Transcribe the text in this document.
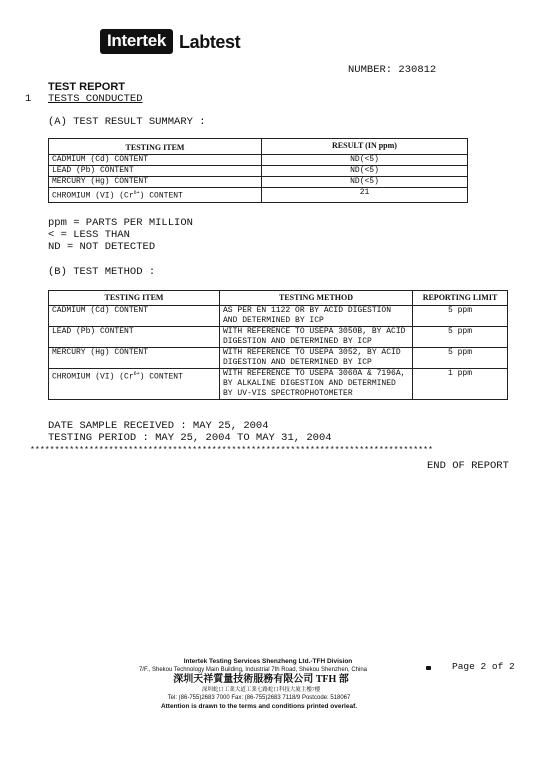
Intertek Labtest
NUMBER: 230812
TEST REPORT
1 TESTS CONDUCTED
(A) TEST RESULT SUMMARY :
TESTING ITEM	RESULT (IN ppm)
CADMIUM (Cd) CONTENT	ND(<5)
LEAD (Pb) CONTENT	ND(<5)
MERCURY (Hg) CONTENT	ND(<5)
CHROMIUM (VI) $(Cr^{6+})$ CONTENT	21
ppm = PARTS PER MILLION
< = LESS THAN
ND = NOT DETECTED
(B) TEST METHOD :
TESTING ITEM	TESTING METHOD	REPORTING LIMIT
CADMIUM (Cd) CONTENT	AS PER EN 1122 OR BY ACID DIGESTION
AND DETERMINED BY ICP	5 ppm
LEAD (Pb) CONTENT	WITH REFERENCE TO USEPA 3050B, BY ACID
DIGESTION AND DETERMINED BY ICP	5 ppm
MERCURY (Hg) CONTENT	WITH REFERENCE TO USEPA 3052, BY ACID
DIGESTION AND DETERMINED BY ICP	5 ppm
CHROMIUM (VI) $(Cr^{6+})$ CONTENT	WITH REFERENCE TO USEPA 3060A & 7196A,
BY ALKALINE DIGESTION AND DETERMINED
BY UV-VIS SPECTROPHOTOMETER	1 ppm
DATE SAMPLE RECEIVED : MAY 25, 2004
TESTING PERIOD : MAY 25, 2004 TO MAY 31, 2004
**********************************************************************************
END OF REPORT
Intertek Testing Services Shenzheng Ltd.-TFH Division
7/F., Shekou Technology Main Building, Industrial 7th Road, Shekou Shenzhen, China
深圳天祥質量技術服務有限公司 TFH 部
深圳蛇口工業大道工業七路蛇口科技大廈主樓7樓
Tel: (86-755)2683 7000 Fax: (86-755)2683 7118/9 Postcode: 518067
Attention is drawn to the terms and conditions printed overleaf.
Page 2 of 2
